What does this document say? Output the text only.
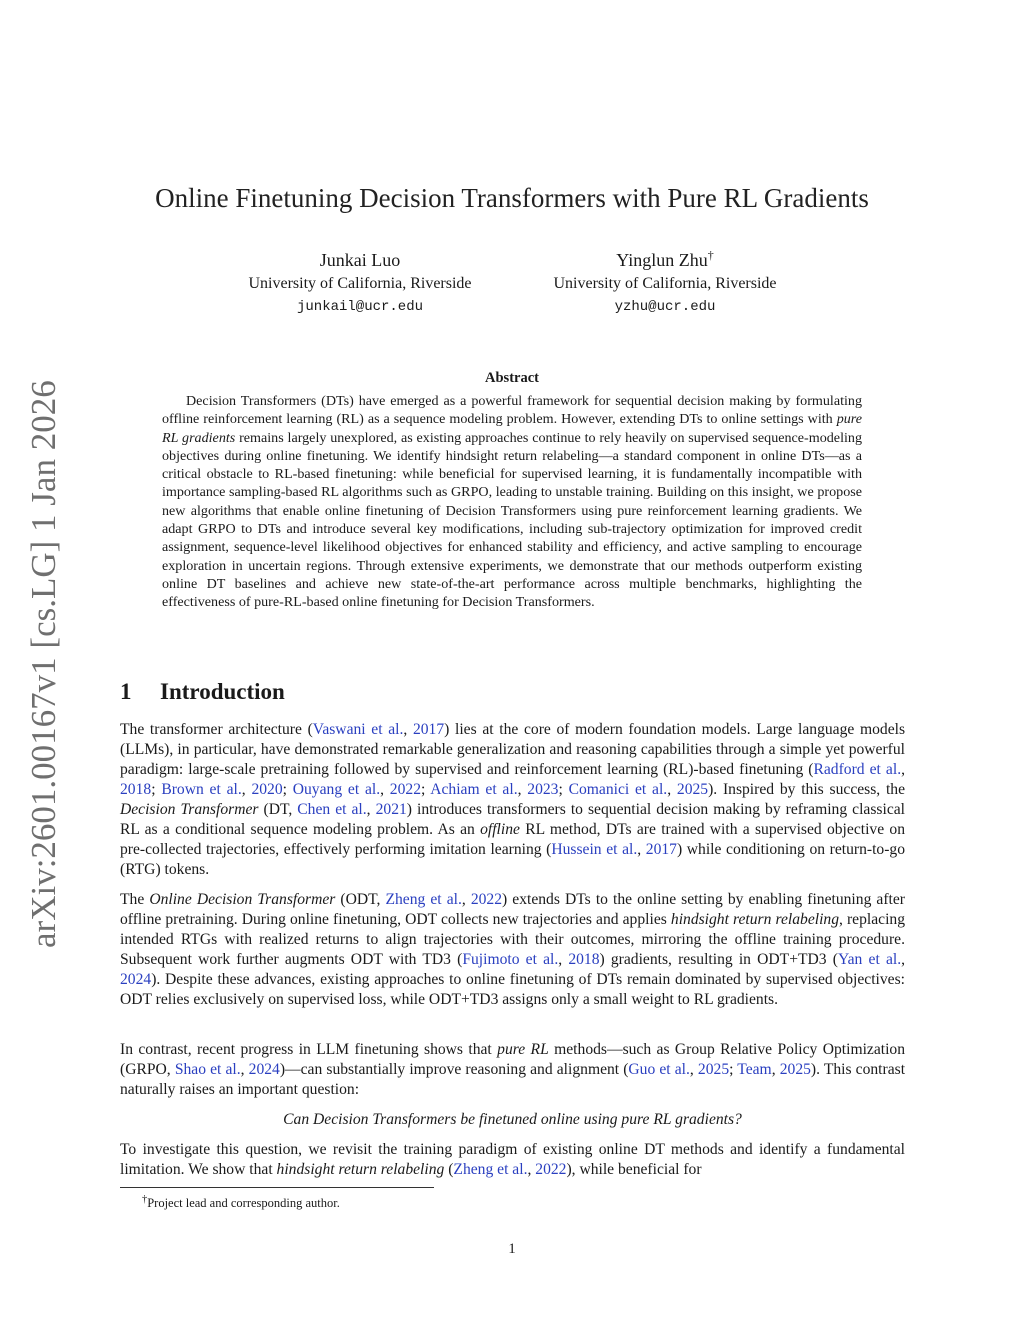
arXiv:2601.00167v1 [cs.LG] 1 Jan 2026
Online Finetuning Decision Transformers with Pure RL Gradients
Junkai Luo
University of California, Riverside
junkail@ucr.edu
Yinglun Zhu†
University of California, Riverside
yzhu@ucr.edu
Abstract

Decision Transformers (DTs) have emerged as a powerful framework for sequential decision making by formulating offline reinforcement learning (RL) as a sequence modeling problem. However, extending DTs to online settings with pure RL gradients remains largely unexplored, as existing approaches continue to rely heavily on supervised sequence-modeling objectives during online finetuning. We identify hindsight return relabeling—a standard component in online DTs—as a critical obstacle to RL-based finetuning: while beneficial for supervised learning, it is fundamentally incompatible with importance sampling-based RL algorithms such as GRPO, leading to unstable training. Building on this insight, we propose new algorithms that enable online finetuning of Decision Transformers using pure reinforcement learning gradients. We adapt GRPO to DTs and introduce several key modifications, including sub-trajectory optimization for improved credit assignment, sequence-level likelihood objectives for enhanced stability and efficiency, and active sampling to encourage exploration in uncertain regions. Through extensive experiments, we demonstrate that our methods outperform existing online DT baselines and achieve new state-of-the-art performance across multiple benchmarks, highlighting the effectiveness of pure-RL-based online finetuning for Decision Transformers.

1 Introduction

The transformer architecture (Vaswani et al., 2017) lies at the core of modern foundation models. Large language models (LLMs), in particular, have demonstrated remarkable generalization and reasoning capabilities through a simple yet powerful paradigm: large-scale pretraining followed by supervised and reinforcement learning (RL)-based finetuning (Radford et al., 2018; Brown et al., 2020; Ouyang et al., 2022; Achiam et al., 2023; Comanici et al., 2025). Inspired by this success, the Decision Transformer (DT, Chen et al., 2021) introduces transformers to sequential decision making by reframing classical RL as a conditional sequence modeling problem. As an offline RL method, DTs are trained with a supervised objective on pre-collected trajectories, effectively performing imitation learning (Hussein et al., 2017) while conditioning on return-to-go (RTG) tokens.

The Online Decision Transformer (ODT, Zheng et al., 2022) extends DTs to the online setting by enabling finetuning after offline pretraining. During online finetuning, ODT collects new trajectories and applies hindsight return relabeling, replacing intended RTGs with realized returns to align trajectories with their outcomes, mirroring the offline training procedure. Subsequent work further augments ODT with TD3 (Fujimoto et al., 2018) gradients, resulting in ODT+TD3 (Yan et al., 2024). Despite these advances, existing approaches to online finetuning of DTs remain dominated by supervised objectives: ODT relies exclusively on supervised loss, while ODT+TD3 assigns only a small weight to RL gradients.

In contrast, recent progress in LLM finetuning shows that pure RL methods—such as Group Relative Policy Optimization (GRPO, Shao et al., 2024)—can substantially improve reasoning and alignment (Guo et al., 2025; Team, 2025). This contrast naturally raises an important question:

Can Decision Transformers be finetuned online using pure RL gradients?

To investigate this question, we revisit the training paradigm of existing online DT methods and identify a fundamental limitation. We show that hindsight return relabeling (Zheng et al., 2022), while beneficial for

†Project lead and corresponding author.
1
